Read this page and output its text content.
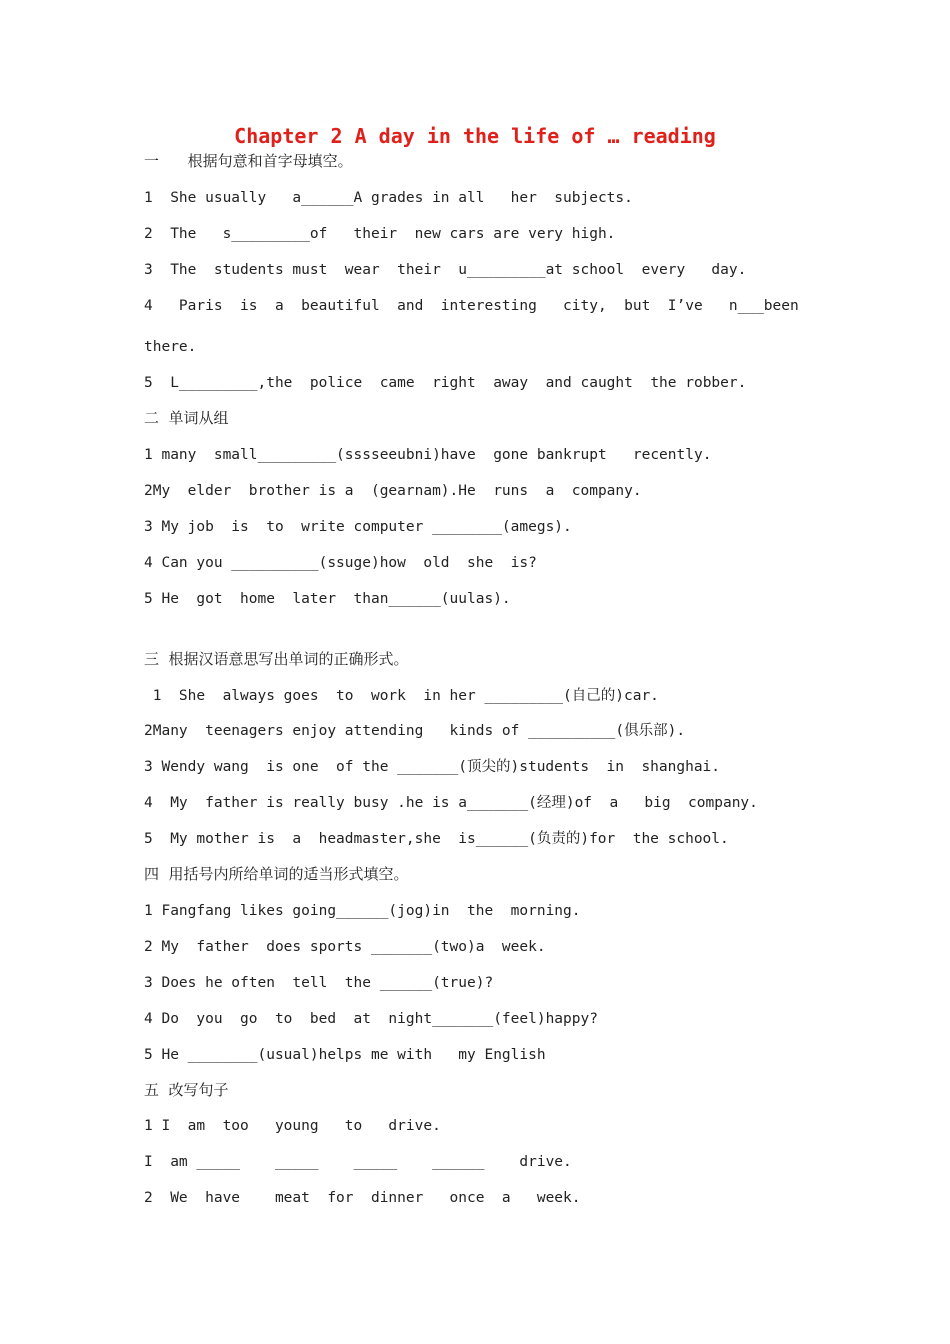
Chapter 2 A day in the life of … reading
一      根据句意和首字母填空。
1  She usually   a______A grades in all   her  subjects.
2  The   s_________of   their  new cars are very high.
3  The  students must  wear  their  u_________at school  every   day.
4   Paris  is  a  beautiful  and  interesting   city,  but  I’ve   n___been
there.
5  L_________,the  police  came  right  away  and caught  the robber.
二  单词从组
1 many  small_________(sssseeubni)have  gone bankrupt   recently.
2My  elder  brother is a  (gearnam).He  runs  a  company.
3 My job  is  to  write computer ________(amegs).
4 Can you __________(ssuge)how  old  she  is?
5 He  got  home  later  than______(uulas).
三  根据汉语意思写出单词的正确形式。
1  She  always goes  to  work  in her _________(自己的)car.
2Many  teenagers enjoy attending   kinds of __________(俱乐部).
3 Wendy wang  is one  of the _______(顶尖的)students  in  shanghai.
4  My  father is really busy .he is a_______(经理)of  a   big  company.
5  My mother is  a  headmaster,she  is______(负责的)for  the school.
四  用括号内所给单词的适当形式填空。
1 Fangfang likes going______(jog)in  the  morning.
2 My  father  does sports _______(two)a  week.
3 Does he often  tell  the ______(true)?
4 Do  you  go  to  bed  at  night_______(feel)happy?
5 He ________(usual)helps me with   my English
五  改写句子
1 I  am  too   young   to   drive.
I  am _____    _____    _____    ______    drive.
2  We  have    meat  for  dinner   once  a   week.
